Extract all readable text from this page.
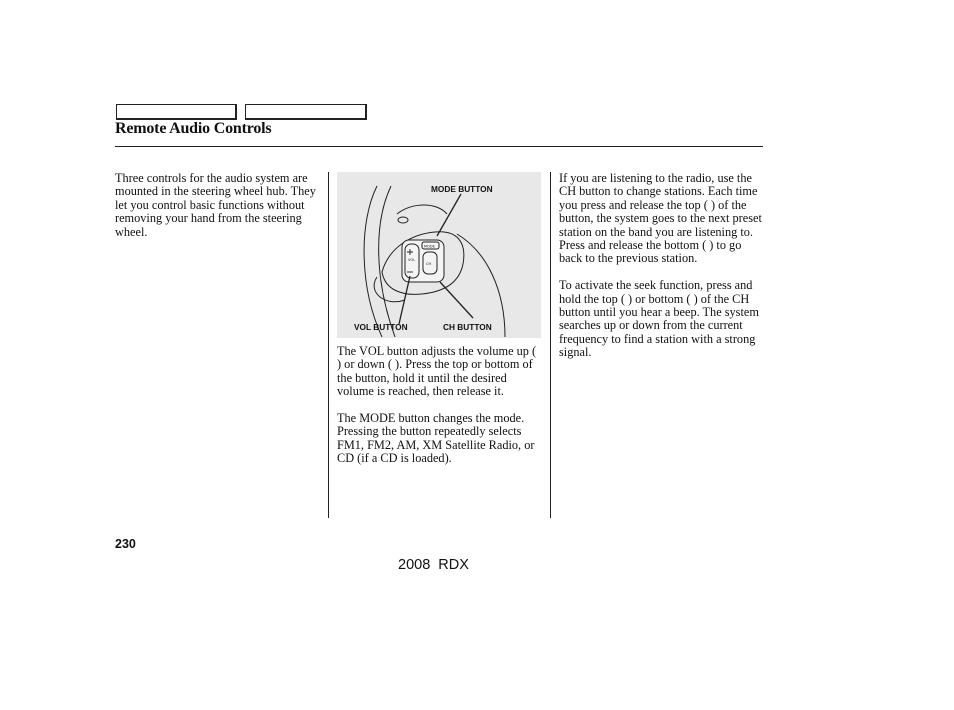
Remote Audio Controls

Three controls for the audio system are mounted in the steering wheel hub. They let you control basic functions without removing your hand from the steering wheel.

VOL
CH
MODE
MODE BUTTON
VOL BUTTON	CH BUTTON

The VOL button adjusts the volume up ( ) or down ( ). Press the top or bottom of the button, hold it until the desired volume is reached, then release it.

The MODE button changes the mode. Pressing the button repeatedly selects FM1, FM2, AM, XM Satellite Radio, or CD (if a CD is loaded).

If you are listening to the radio, use the CH button to change stations. Each time you press and release the top ( ) of the button, the system goes to the next preset station on the band you are listening to. Press and release the bottom ( ) to go back to the previous station.

To activate the seek function, press and hold the top ( ) or bottom ( ) of the CH button until you hear a beep. The system searches up or down from the current frequency to find a station with a strong signal.

230
2008 RDX
